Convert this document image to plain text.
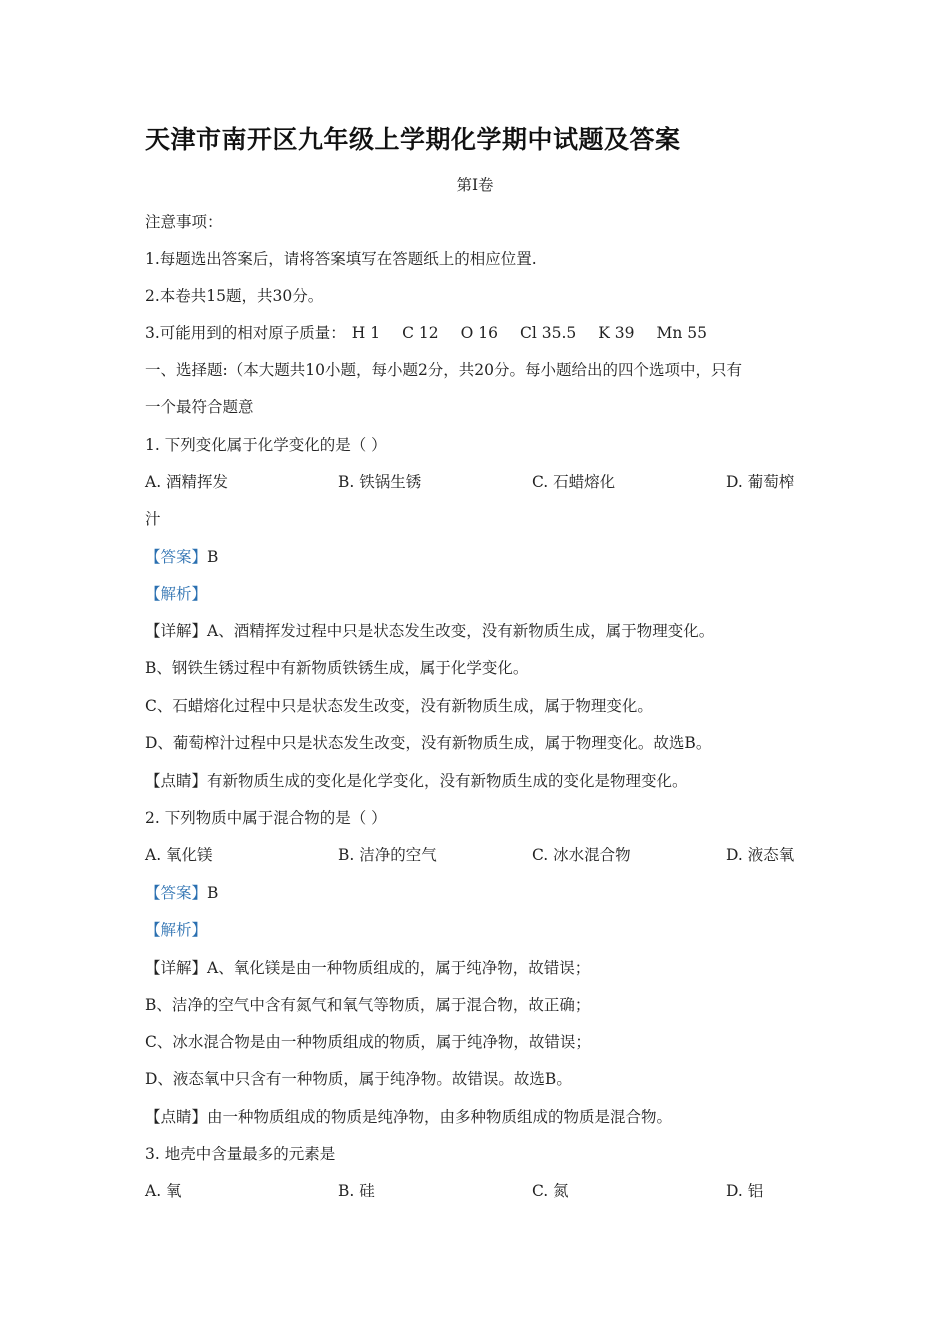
天津市南开区九年级上学期化学期中试题及答案
第Ⅰ卷
注意事项：
1.每题选出答案后，请将答案填写在答题纸上的相应位置.
2.本卷共15题，共30分。
3.可能用到的相对原子质量： H 1 C 12 O 16 Cl 35.5 K 39 Mn 55
一、选择题:（本大题共10小题，每小题2分，共20分。每小题给出的四个选项中，只有
一个最符合题意
1. 下列变化属于化学变化的是（ ）
A. 酒精挥发	B. 铁锅生锈	C. 石蜡熔化	D. 葡萄榨
汁
【答案】B
【解析】
【详解】A、酒精挥发过程中只是状态发生改变，没有新物质生成，属于物理变化。
B、钢铁生锈过程中有新物质铁锈生成，属于化学变化。
C、石蜡熔化过程中只是状态发生改变，没有新物质生成，属于物理变化。
D、葡萄榨汁过程中只是状态发生改变，没有新物质生成，属于物理变化。故选B。
【点睛】有新物质生成的变化是化学变化，没有新物质生成的变化是物理变化。
2. 下列物质中属于混合物的是（ ）
A. 氧化镁	B. 洁净的空气	C. 冰水混合物	D. 液态氧
【答案】B
【解析】
【详解】A、氧化镁是由一种物质组成的，属于纯净物，故错误；
B、洁净的空气中含有氮气和氧气等物质，属于混合物，故正确；
C、冰水混合物是由一种物质组成的物质，属于纯净物，故错误；
D、液态氧中只含有一种物质，属于纯净物。故错误。故选B。
【点睛】由一种物质组成的物质是纯净物，由多种物质组成的物质是混合物。
3. 地壳中含量最多的元素是
A. 氧	B. 硅	C. 氮	D. 铝
